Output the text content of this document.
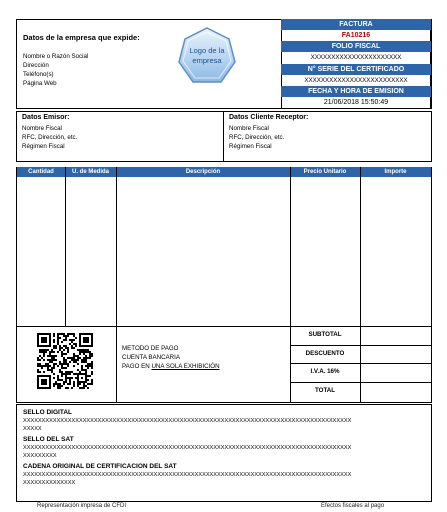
Datos de la empresa que expide:
Nombre o Razón Social
Dirección
Teléfono(s)
Página Web
Logo de la
empresa
FACTURA
FA10216
FOLIO FISCAL
XXXXXXXXXXXXXXXXXXXXXX
N° SERIE DEL CERTIFICADO
XXXXXXXXXXXXXXXXXXXXXXXXX
FECHA Y HORA DE EMISION
21/06/2018 15:50:49
Datos Emisor:
Nombre Fiscal
RFC, Dirección, etc.
Régimen Fiscal
Datos Cliente Receptor:
Nombre Fiscal
RFC, Dirección, etc.
Régimen Fiscal
Cantidad	U. de Medida	Descripción	Precio Unitario	Importe
METODO DE PAGO
CUENTA BANCARIA
PAGO EN UNA SOLA EXHIBICIÓN
SUBTOTAL
DESCUENTO
I.V.A. 16%
TOTAL
SELLO DIGITAL
XXXXXXXXXXXXXXXXXXXXXXXXXXXXXXXXXXXXXXXXXXXXXXXXXXXXXXXXXXXXXXXXXXXXXXXXXXXXXXXXXXXXXXXX
XXXXX
SELLO DEL SAT
XXXXXXXXXXXXXXXXXXXXXXXXXXXXXXXXXXXXXXXXXXXXXXXXXXXXXXXXXXXXXXXXXXXXXXXXXXXXXXXXXXXXXXXX
XXXXXXXXX
CADENA ORIGINAL DE CERTIFICACION DEL SAT
XXXXXXXXXXXXXXXXXXXXXXXXXXXXXXXXXXXXXXXXXXXXXXXXXXXXXXXXXXXXXXXXXXXXXXXXXXXXXXXXXXXXXXXX
XXXXXXXXXXXXXX
Representación impresa de CFDI	Efectos fiscales al pago
